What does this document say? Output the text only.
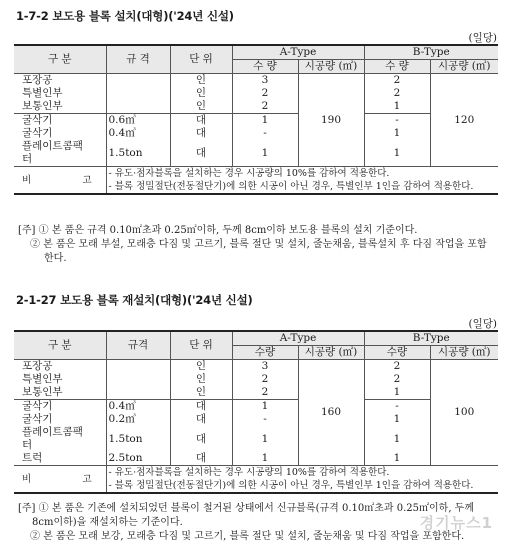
1-7-2 보도용 블록 설치(대형)('24년 신설)
(일당)
구 분	규 격	단 위	A-Type		B-Type	
			수 량	시공량 (㎡)	수 량	시공량 (㎡)
포장공		인	3	190	2	120
특별인부		인	2		2	
보통인부		인	2		1	
굴삭기	0.6㎥	대	1		-	
굴삭기	0.4㎥	대	-		1	
플레이트콤팩터	1.5ton	대	1		1	
비 고	- 유도·점자블록을 설치하는 경우 시공량의 10%를 감하여 적용한다.
- 블록 정밀절단(전동절단기)에 의한 시공이 아닌 경우, 특별인부 1인을 감하여 적용한다.					
[주] ① 본 품은 규격 0.10㎡초과 0.25㎡이하, 두께 8cm이하 보도용 블록의 설치 기준이다.
② 본 품은 모래 부설, 모래층 다짐 및 고르기, 블록 절단 및 설치, 줄눈채움, 블록설치 후 다짐 작업을 포함한다.
2-1-27 보도용 블록 재설치(대형)('24년 신설)
(일당)
구 분	규격	단 위	A-Type		B-Type	
			수량	시공량 (㎡)	수량	시공량 (㎡)
포장공		인	3	160	2	100
특별인부		인	2		2	
보통인부		인	2		1	
굴삭기	0.4㎥	대	1		-	
굴삭기	0.2㎥	대	-		1	
플레이트콤팩터	1.5ton	대	1		1	
트럭	2.5ton	대	1		1	
비 고	- 유도·점자블록을 설치하는 경우 시공량의 10%를 감하여 적용한다.
- 블록 정밀절단(전동절단기)에 의한 시공이 아닌 경우, 특별인부 1인을 감하여 적용한다.					
[주] ① 본 품은 기존에 설치되었던 블록이 철거된 상태에서 신규블록(규격 0.10㎡초과 0.25㎡이하, 두께 8cm이하)을 재설치하는 기준이다.
② 본 품은 모래 보강, 모래층 다짐 및 고르기, 블록 절단 및 설치, 줄눈채움 및 다짐 작업을 포함한다.
경기뉴스1
